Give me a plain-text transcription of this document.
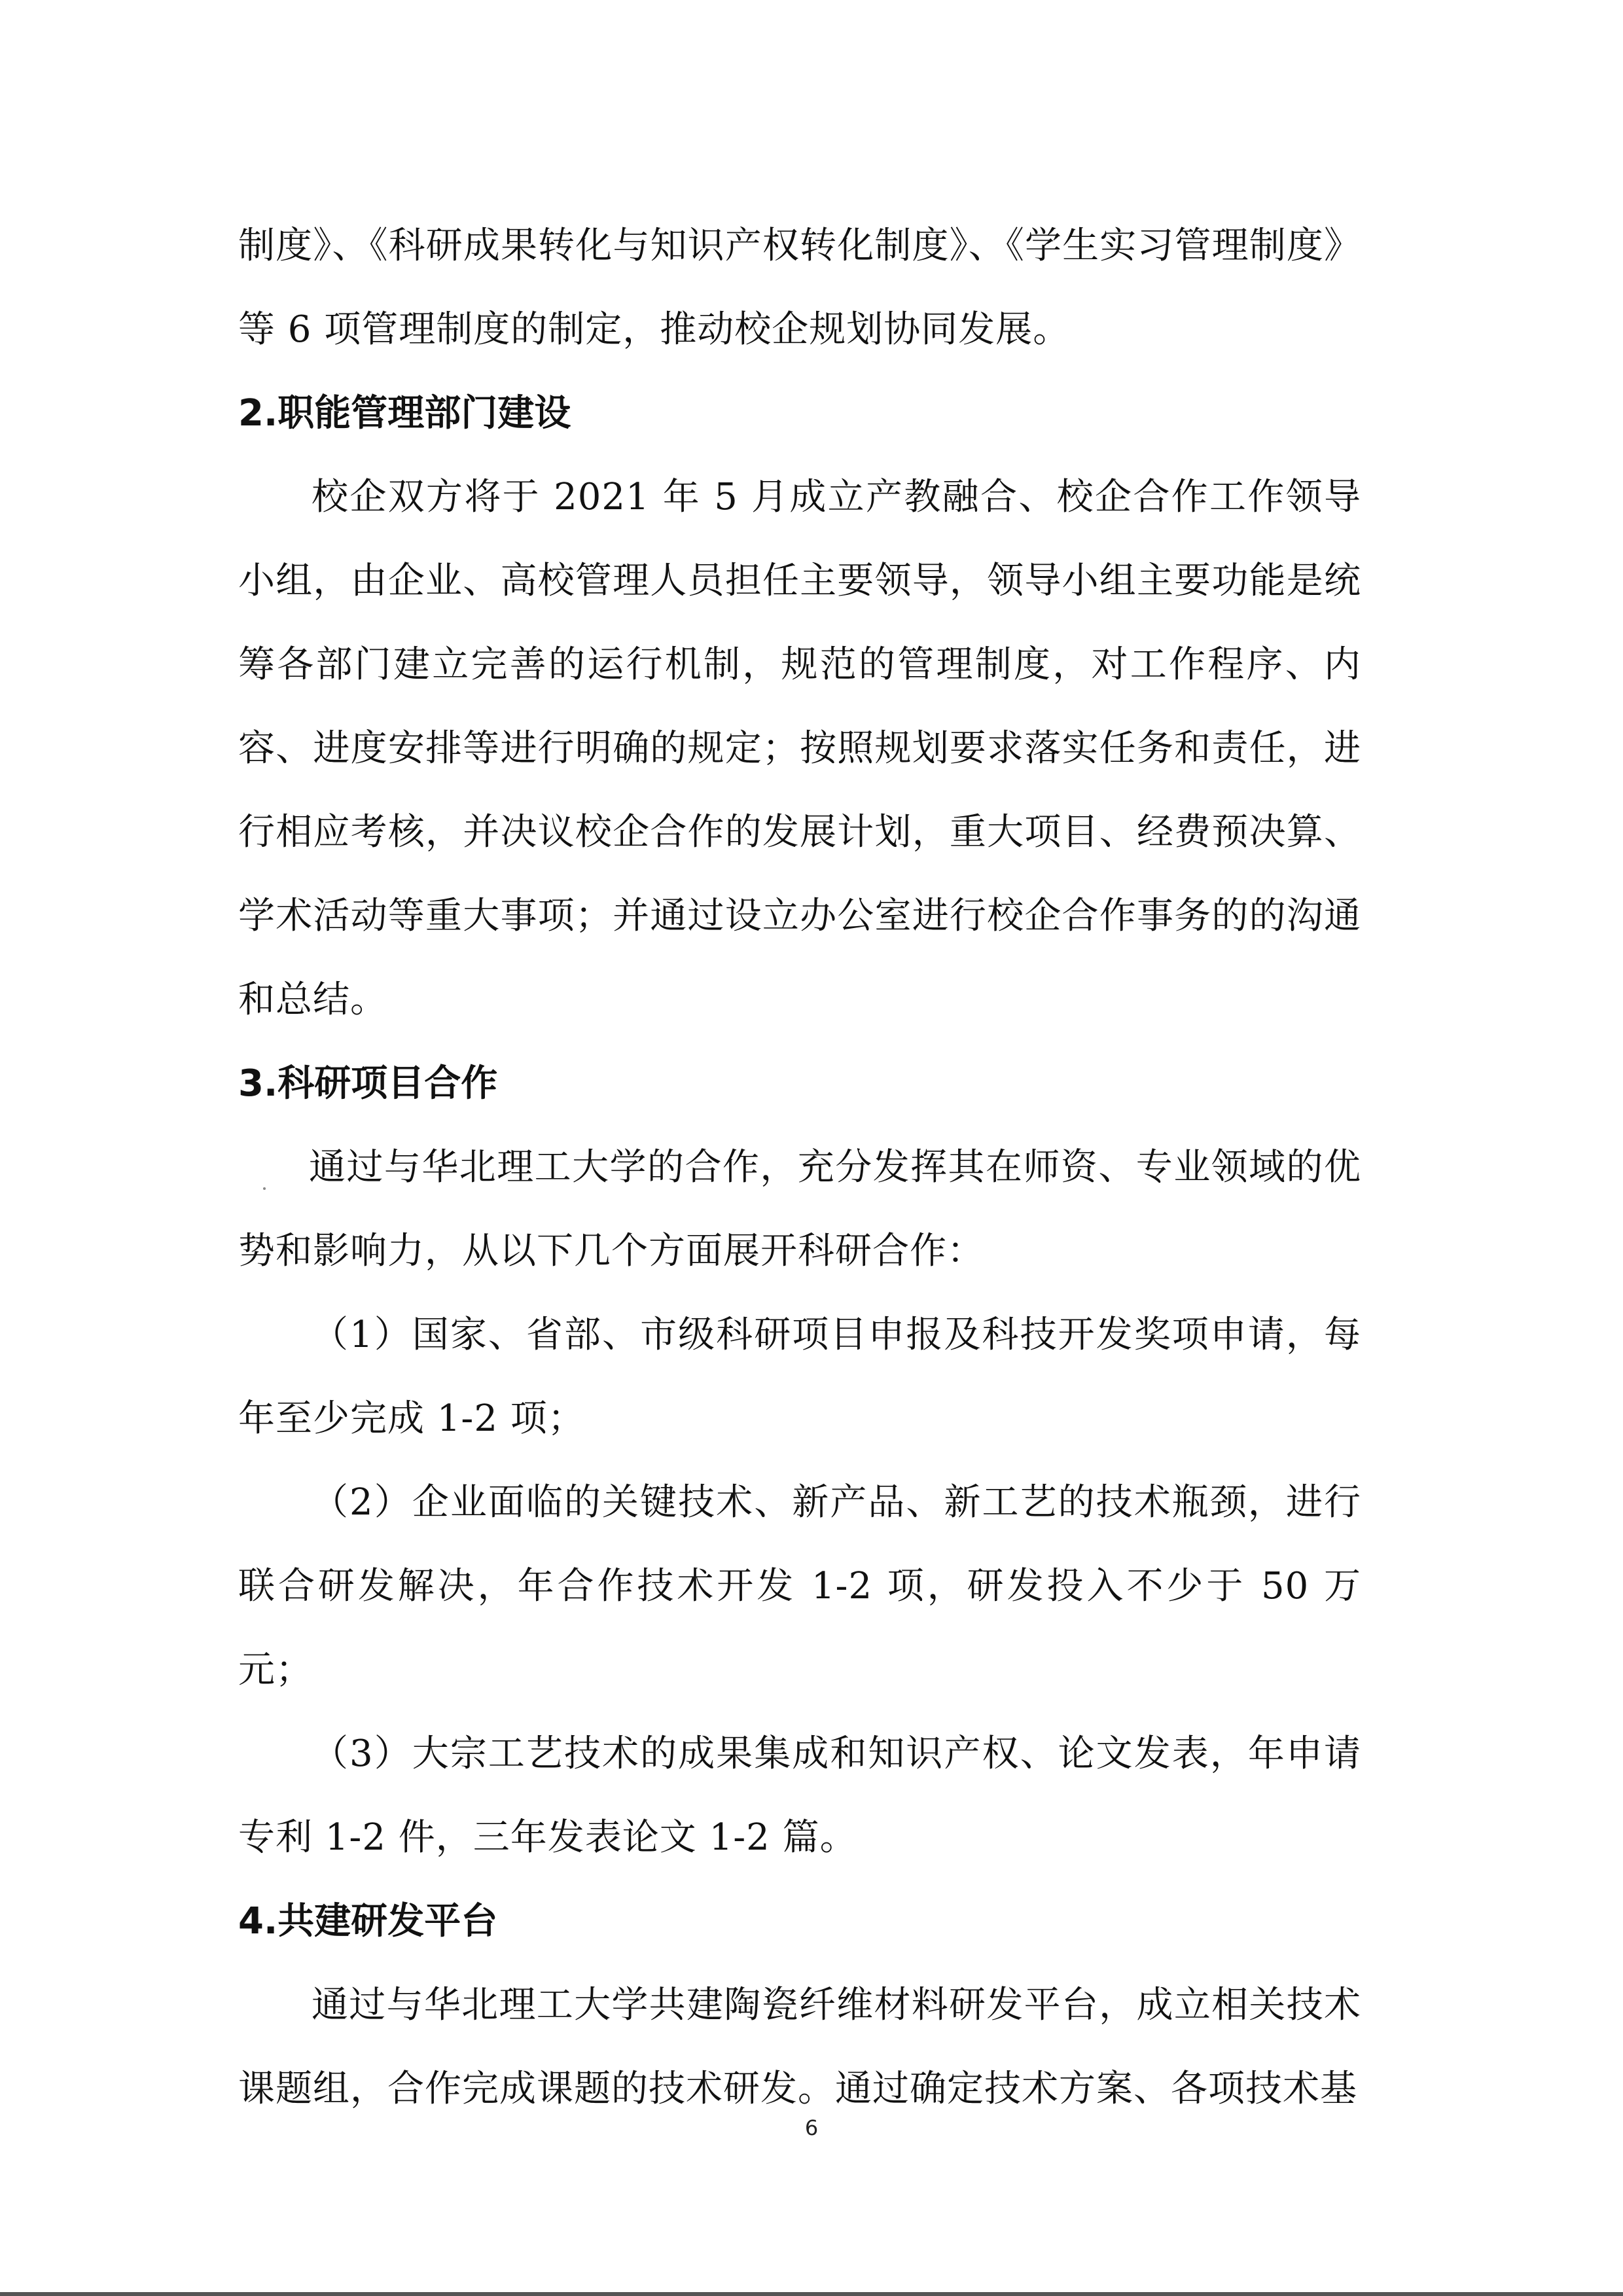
制度》、《科研成果转化与知识产权转化制度》、《学生实习管理制度》等 6 项管理制度的制定，推动校企规划协同发展。

2.职能管理部门建设

校企双方将于 2021 年 5 月成立产教融合、校企合作工作领导小组，由企业、高校管理人员担任主要领导，领导小组主要功能是统筹各部门建立完善的运行机制，规范的管理制度，对工作程序、内容、进度安排等进行明确的规定；按照规划要求落实任务和责任，进行相应考核，并决议校企合作的发展计划，重大项目、经费预决算、学术活动等重大事项；并通过设立办公室进行校企合作事务的的沟通和总结。

3.科研项目合作

通过与华北理工大学的合作，充分发挥其在师资、专业领域的优势和影响力，从以下几个方面展开科研合作：

（1）国家、省部、市级科研项目申报及科技开发奖项申请，每年至少完成 1-2 项；

（2）企业面临的关键技术、新产品、新工艺的技术瓶颈，进行联合研发解决，年合作技术开发 1-2 项，研发投入不少于 50 万元；

（3）大宗工艺技术的成果集成和知识产权、论文发表，年申请专利 1-2 件，三年发表论文 1-2 篇。

4.共建研发平台

通过与华北理工大学共建陶瓷纤维材料研发平台，成立相关技术课题组，合作完成课题的技术研发。通过确定技术方案、各项技术基

6
